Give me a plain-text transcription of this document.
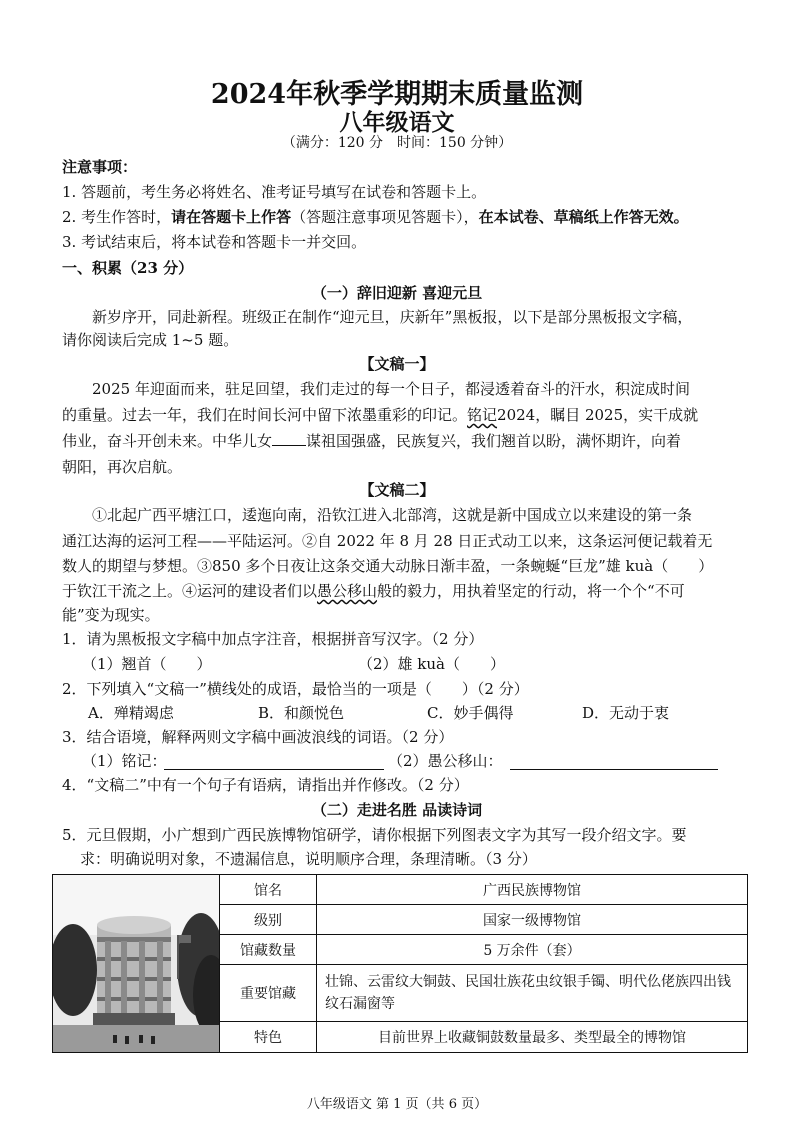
2024年秋季学期期末质量监测
八年级语文
（满分：120 分　时间：150 分钟）
注意事项：
1. 答题前，考生务必将姓名、准考证号填写在试卷和答题卡上。
2. 考生作答时，请在答题卡上作答（答题注意事项见答题卡），在本试卷、草稿纸上作答无效。
3. 考试结束后，将本试卷和答题卡一并交回。
一、积累（23 分）
（一）辞旧迎新 喜迎元旦
新岁序开，同赴新程。班级正在制作“迎元旦，庆新年”黑板报，以下是部分黑板报文字稿，
请你阅读后完成 1~5 题。
【文稿一】
2025 年迎面而来，驻足回望，我们走过的每一个日子，都浸透着奋斗的汗水，积淀成时间
的重量。过去一年，我们在时间长河中留下浓墨重彩的印记。铭记2024，瞩目 2025，实干成就
伟业，奋斗开创未来。中华儿女 谋祖国强盛，民族复兴，我们翘首以盼，满怀期许，向着
朝阳，再次启航。
【文稿二】
①北起广西平塘江口，逶迤向南，沿钦江进入北部湾，这就是新中国成立以来建设的第一条
通江达海的运河工程——平陆运河。②自 2022 年 8 月 28 日正式动工以来，这条运河便记载着无
数人的期望与梦想。③850 多个日夜让这条交通大动脉日渐丰盈，一条蜿蜒“巨龙”雄 kuà（　　）
于钦江干流之上。④运河的建设者们以愚公移山般的毅力，用执着坚定的行动，将一个个“不可
能”变为现实。
1．请为黑板报文字稿中加点字注音，根据拼音写汉字。（2 分）
（1）翘首（　　）	（2）雄 kuà（　　）
2．下列填入“文稿一”横线处的成语，最恰当的一项是（　　）（2 分）
A．殚精竭虑	B．和颜悦色	C．妙手偶得	D．无动于衷
3．结合语境，解释两则文字稿中画波浪线的词语。（2 分）
（1）铭记：	（2）愚公移山：
4．“文稿二”中有一个句子有语病，请指出并作修改。（2 分）
（二）走进名胜 品读诗词
5．元旦假期，小广想到广西民族博物馆研学，请你根据下列图表文字为其写一段介绍文字。要
求：明确说明对象，不遗漏信息，说明顺序合理，条理清晰。（3 分）
	馆名	广西民族博物馆
	级别	国家一级博物馆
	馆藏数量	5 万余件（套）
	重要馆藏	壮锦、云雷纹大铜鼓、民国壮族花虫纹银手镯、明代仫佬族四出钱纹石漏窗等
	特色	目前世界上收藏铜鼓数量最多、类型最全的博物馆
八年级语文 第 1 页（共 6 页）
